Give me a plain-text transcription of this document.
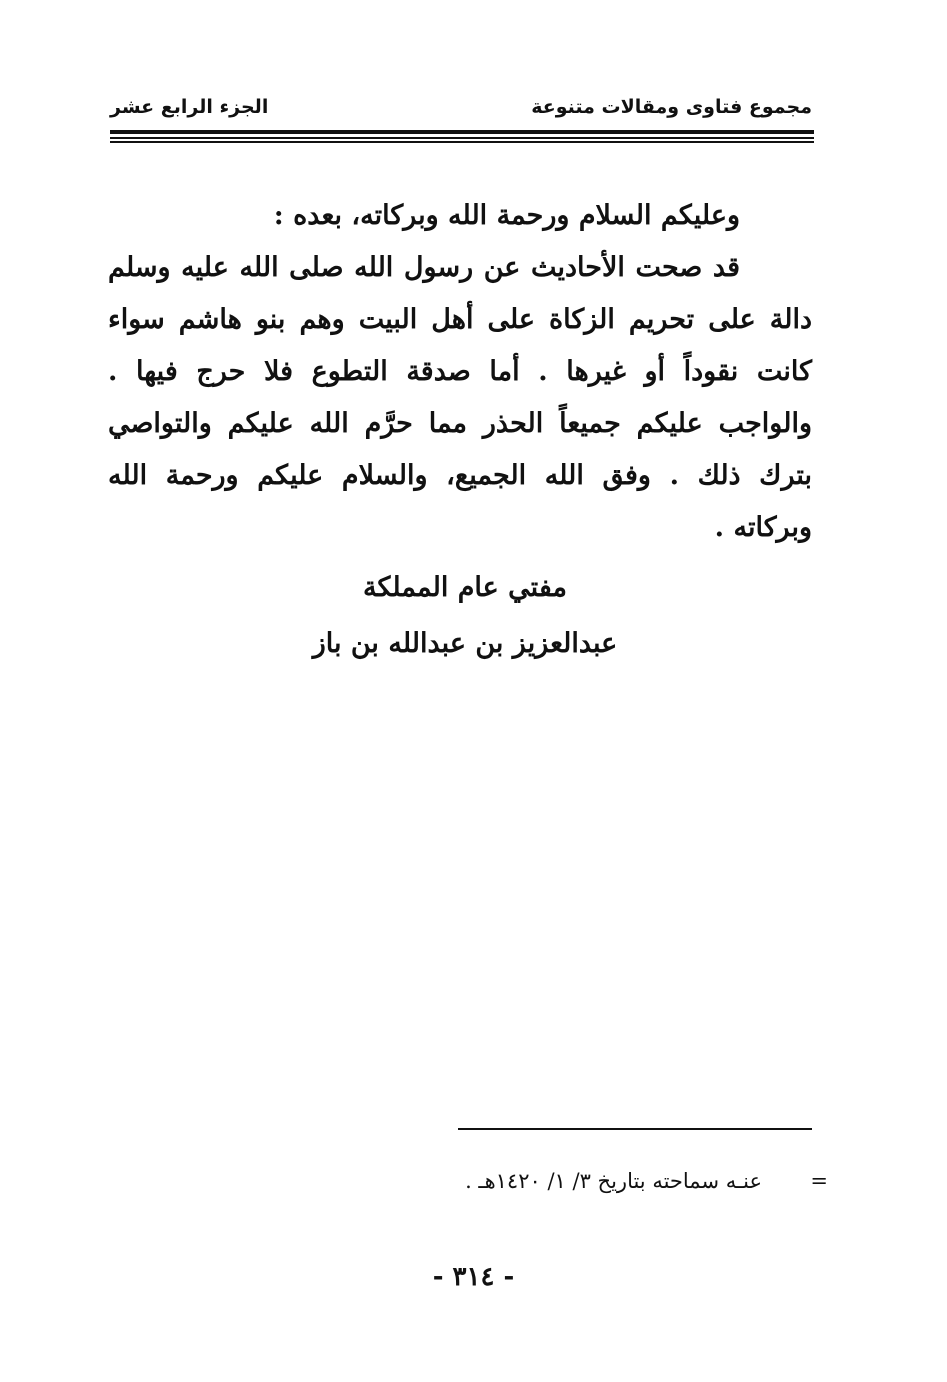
مجموع فتاوى ومقالات متنوعة
الجزء الرابع عشر

وعليكم السلام ورحمة الله وبركاته، بعده :

قد صحت الأحاديث عن رسول الله صلى الله عليه وسلم دالة على تحريم الزكاة على أهل البيت وهم بنو هاشم سواء كانت نقوداً أو غيرها . أما صدقة التطوع فلا حرج فيها . والواجب عليكم جميعاً الحذر مما حرَّم الله عليكم والتواصي بترك ذلك . وفق الله الجميع، والسلام عليكم ورحمة الله وبركاته .

مفتي عام المملكة
عبدالعزيز بن عبدالله بن باز
=
عنـه سماحته بتاريخ ٣/ ١/ ١٤٢٠هـ .
- ٣١٤ -
